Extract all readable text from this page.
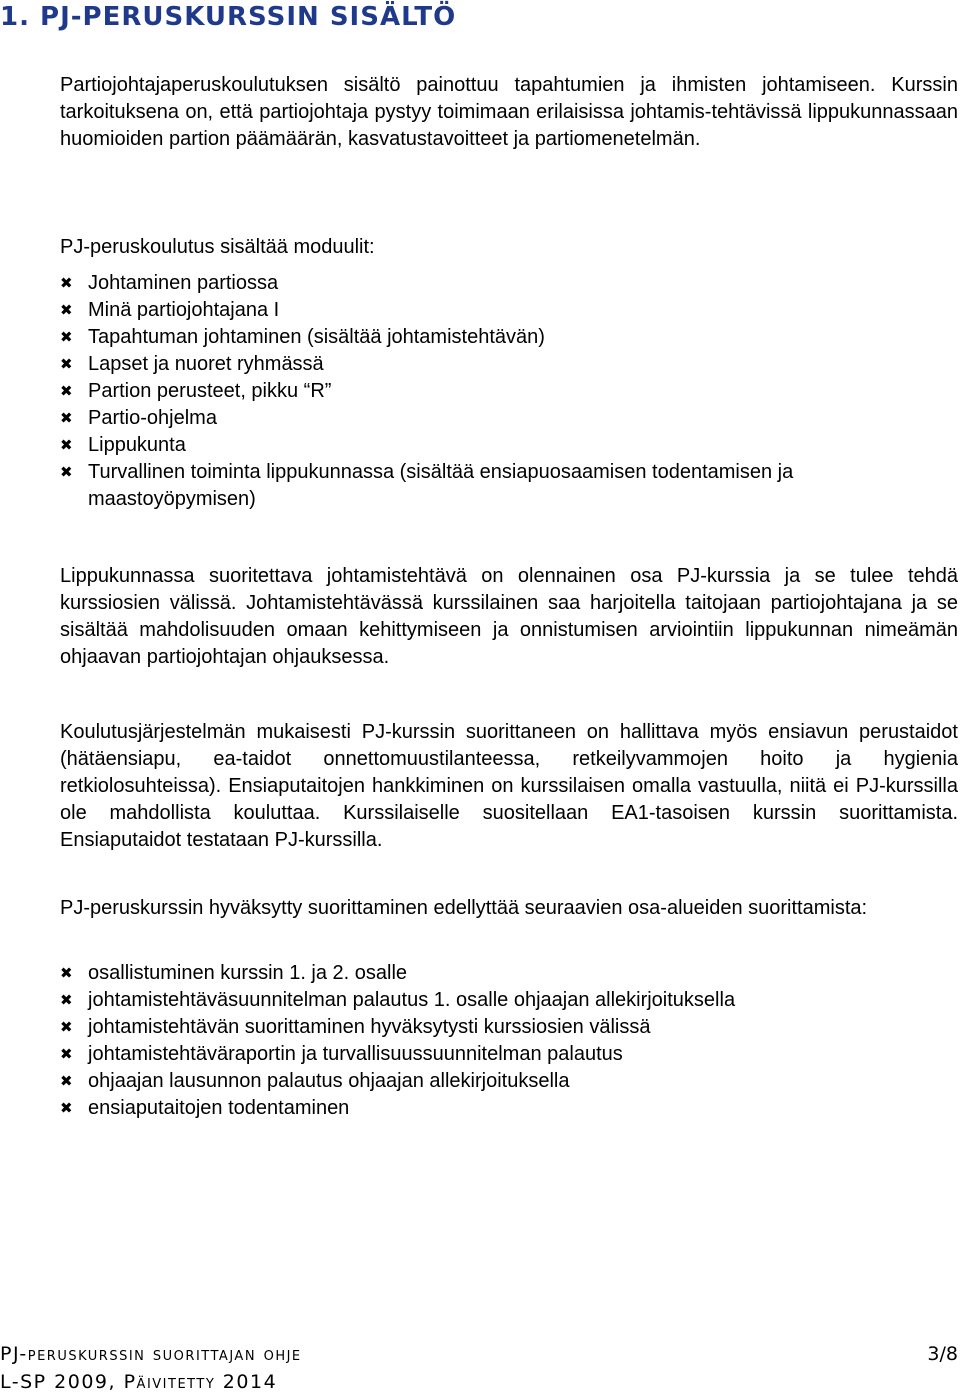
1. PJ-PERUSKURSSIN SISÄLTÖ

Partiojohtajaperuskoulutuksen sisältö painottuu tapahtumien ja ihmisten johtamiseen. Kurssin tarkoituksena on, että partiojohtaja pystyy toimimaan erilaisissa johtamis-tehtävissä lippukunnassaan huomioiden partion päämäärän, kasvatustavoitteet ja partiomenetelmän.

PJ-peruskoulutus sisältää moduulit:

✖ Johtaminen partiossa
✖ Minä partiojohtajana I
✖ Tapahtuman johtaminen (sisältää johtamistehtävän)
✖ Lapset ja nuoret ryhmässä
✖ Partion perusteet, pikku “R”
✖ Partio-ohjelma
✖ Lippukunta
✖ Turvallinen toiminta lippukunnassa (sisältää ensiapuosaamisen todentamisen ja maastoyöpymisen)

Lippukunnassa suoritettava johtamistehtävä on olennainen osa PJ-kurssia ja se tulee tehdä kurssiosien välissä. Johtamistehtävässä kurssilainen saa harjoitella taitojaan partiojohtajana ja se sisältää mahdolisuuden omaan kehittymiseen ja onnistumisen arviointiin lippukunnan nimeämän ohjaavan partiojohtajan ohjauksessa.

Koulutusjärjestelmän mukaisesti PJ-kurssin suorittaneen on hallittava myös ensiavun perustaidot (hätäensiapu, ea-taidot onnettomuustilanteessa, retkeilyvammojen hoito ja hygienia retkiolosuhteissa). Ensiaputaitojen hankkiminen on kurssilaisen omalla vastuulla, niitä ei PJ-kurssilla ole mahdollista kouluttaa. Kurssilaiselle suositellaan EA1-tasoisen kurssin suorittamista. Ensiaputaidot testataan PJ-kurssilla.

PJ-peruskurssin hyväksytty suorittaminen edellyttää seuraavien osa-alueiden suorittamista:

✖ osallistuminen kurssin 1. ja 2. osalle
✖ johtamistehtäväsuunnitelman palautus 1. osalle ohjaajan allekirjoituksella
✖ johtamistehtävän suorittaminen hyväksytysti kurssiosien välissä
✖ johtamistehtäväraportin ja turvallisuussuunnitelman palautus
✖ ohjaajan lausunnon palautus ohjaajan allekirjoituksella
✖ ensiaputaitojen todentaminen
PJ-peruskurssin suorittajan ohje
L-SP 2009, Päivitetty 2014
3/8
